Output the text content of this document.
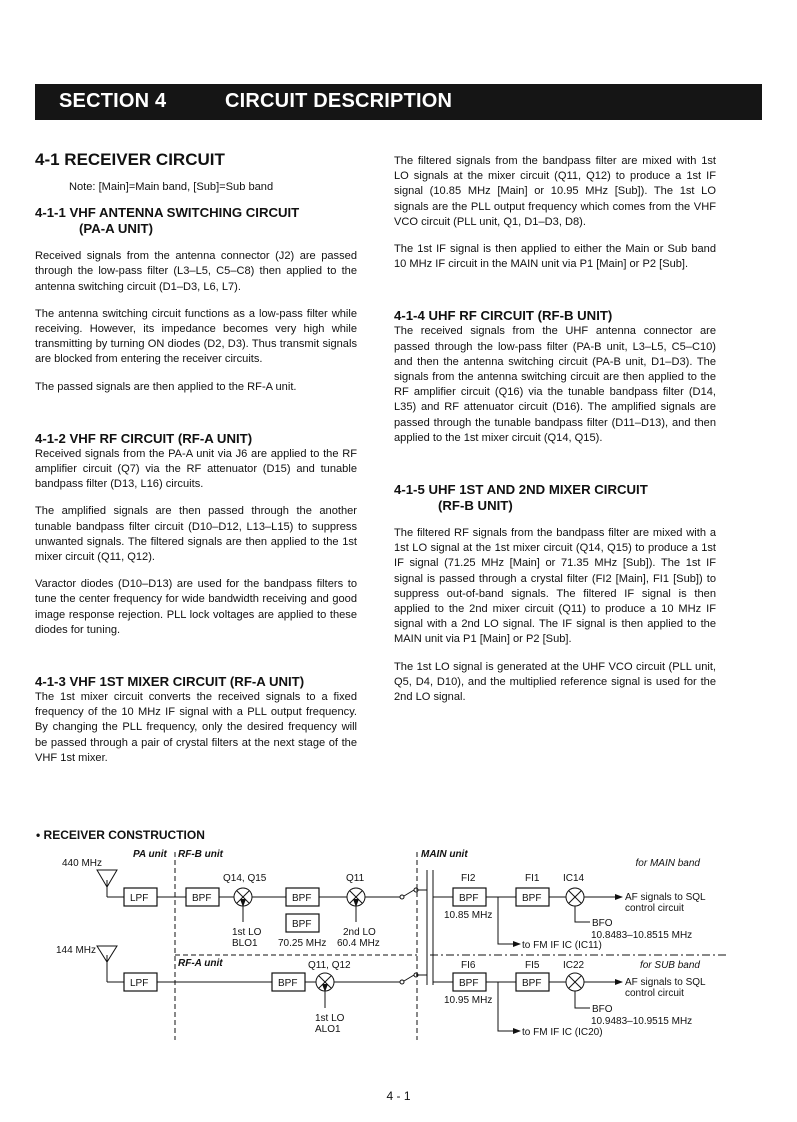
SECTION 4	CIRCUIT DESCRIPTION
4-1 RECEIVER CIRCUIT

Note: [Main]=Main band, [Sub]=Sub band

4-1-1 VHF ANTENNA SWITCHING CIRCUIT
(PA-A UNIT)

Received signals from the antenna connector (J2) are passed through the low-pass filter (L3–L5, C5–C8) then applied to the antenna switching circuit (D1–D3, L6, L7).

The antenna switching circuit functions as a low-pass filter while receiving. However, its impedance becomes very high while transmitting by turning ON diodes (D2, D3). Thus transmit signals are blocked from entering the receiver circuits.

The passed signals are then applied to the RF-A unit.

4-1-2 VHF RF CIRCUIT (RF-A UNIT)

Received signals from the PA-A unit via J6 are applied to the RF amplifier circuit (Q7) via the RF attenuator (D15) and tunable bandpass filter (D13, L16) circuits.

The amplified signals are then passed through the another tunable bandpass filter circuit (D10–D12, L13–L15) to suppress unwanted signals. The filtered signals are then applied to the 1st mixer circuit (Q11, Q12).

Varactor diodes (D10–D13) are used for the bandpass filters to tune the center frequency for wide bandwidth receiving and good image response rejection. PLL lock voltages are applied to these diodes for tuning.

4-1-3 VHF 1ST MIXER CIRCUIT (RF-A UNIT)

The 1st mixer circuit converts the received signals to a fixed frequency of the 10 MHz IF signal with a PLL output frequency. By changing the PLL frequency, only the desired frequency will be passed through a pair of crystal filters at the next stage of the VHF 1st mixer.

The filtered signals from the bandpass filter are mixed with 1st LO signals at the mixer circuit (Q11, Q12) to produce a 1st IF signal (10.85 MHz [Main] or 10.95 MHz [Sub]). The 1st LO signals are the PLL output frequency which comes from the VHF VCO circuit (PLL unit, Q1, D1–D3, D8).

The 1st IF signal is then applied to either the Main or Sub band 10 MHz IF circuit in the MAIN unit via P1 [Main] or P2 [Sub].

4-1-4 UHF RF CIRCUIT (RF-B UNIT)

The received signals from the UHF antenna connector are passed through the low-pass filter (PA-B unit, L3–L5, C5–C10) and then the antenna switching circuit (PA-B unit, D1–D3). The signals from the antenna switching circuit are then applied to the RF amplifier circuit (Q16) via the tunable bandpass filter (D14, L35) and RF attenuator circuit (D16). The amplified signals are passed through the tunable bandpass filter (D11–D13), and then applied to the 1st mixer circuit (Q14, Q15).

4-1-5 UHF 1ST AND 2ND MIXER CIRCUIT
(RF-B UNIT)

The filtered RF signals from the bandpass filter are mixed with a 1st LO signal at the 1st mixer circuit (Q14, Q15) to produce a 1st IF signal (71.25 MHz [Main] or 71.35 MHz [Sub]). The 1st IF signal is passed through a crystal filter (FI2 [Main], FI1 [Sub]) to suppress out-of-band signals. The filtered IF signal is then applied to the 2nd mixer circuit (Q11) to produce a 10 MHz IF signal with a 2nd LO signal. The IF signal is then applied to the MAIN unit via P1 [Main] or P2 [Sub].

The 1st LO signal is generated at the UHF VCO circuit (PLL unit, Q5, D4, D10), and the multiplied reference signal is used for the 2nd LO signal.

• RECEIVER CONSTRUCTION
PA unit RF-B unit	MAIN unit
RF-A unit
for MAIN band
for SUB band
440 MHz
LPF	BPF
Q14, Q15
1st LO
BLO1
BPF
BPF
70.25 MHz
Q11
2nd LO
60.4 MHz
BPF
FI2
10.85 MHz
BPF
FI1 IC14
AF signals to SQL
control circuit
BFO
10.8483–10.8515 MHz
to FM IF IC (IC11)
144 MHz
LPF	BPF
Q11, Q12
1st LO
ALO1
BPF
FI6
10.95 MHz
BPF
FI5 IC22
AF signals to SQL
control circuit
BFO
10.9483–10.9515 MHz
to FM IF IC (IC20)
4 - 1
